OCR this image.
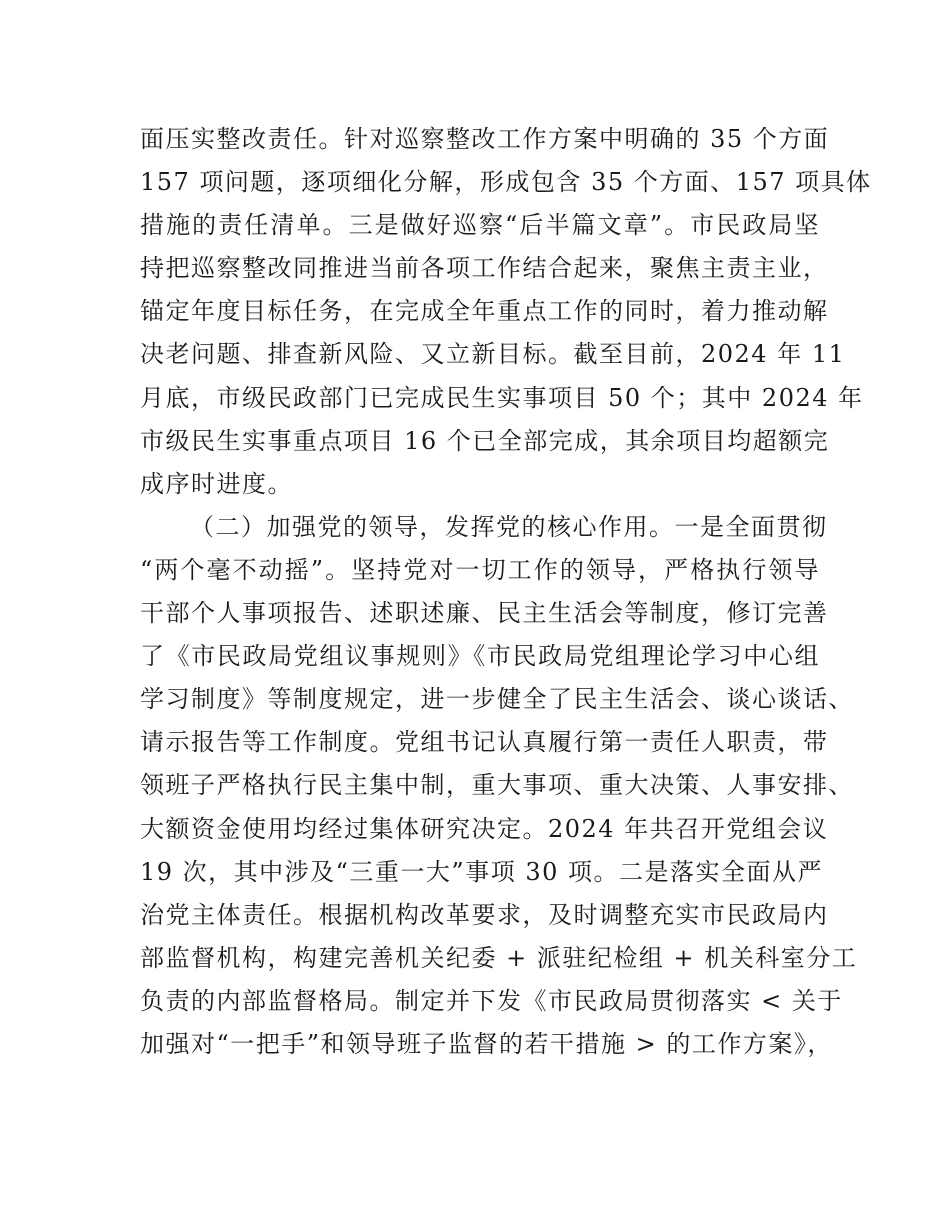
面压实整改责任。针对巡察整改工作方案中明确的 35 个方面
157 项问题，逐项细化分解，形成包含 35 个方面、157 项具体
措施的责任清单。三是做好巡察“后半篇文章”。市民政局坚
持把巡察整改同推进当前各项工作结合起来，聚焦主责主业，
锚定年度目标任务，在完成全年重点工作的同时，着力推动解
决老问题、排查新风险、又立新目标。截至目前，2024 年 11
月底，市级民政部门已完成民生实事项目 50 个；其中 2024 年
市级民生实事重点项目 16 个已全部完成，其余项目均超额完
成序时进度。
（二）加强党的领导，发挥党的核心作用。一是全面贯彻
“两个毫不动摇”。坚持党对一切工作的领导，严格执行领导
干部个人事项报告、述职述廉、民主生活会等制度，修订完善
了《市民政局党组议事规则》《市民政局党组理论学习中心组
学习制度》等制度规定，进一步健全了民主生活会、谈心谈话、
请示报告等工作制度。党组书记认真履行第一责任人职责，带
领班子严格执行民主集中制，重大事项、重大决策、人事安排、
大额资金使用均经过集体研究决定。2024 年共召开党组会议
19 次，其中涉及“三重一大”事项 30 项。二是落实全面从严
治党主体责任。根据机构改革要求，及时调整充实市民政局内
部监督机构，构建完善机关纪委 + 派驻纪检组 + 机关科室分工
负责的内部监督格局。制定并下发《市民政局贯彻落实 < 关于
加强对“一把手”和领导班子监督的若干措施 > 的工作方案》，
